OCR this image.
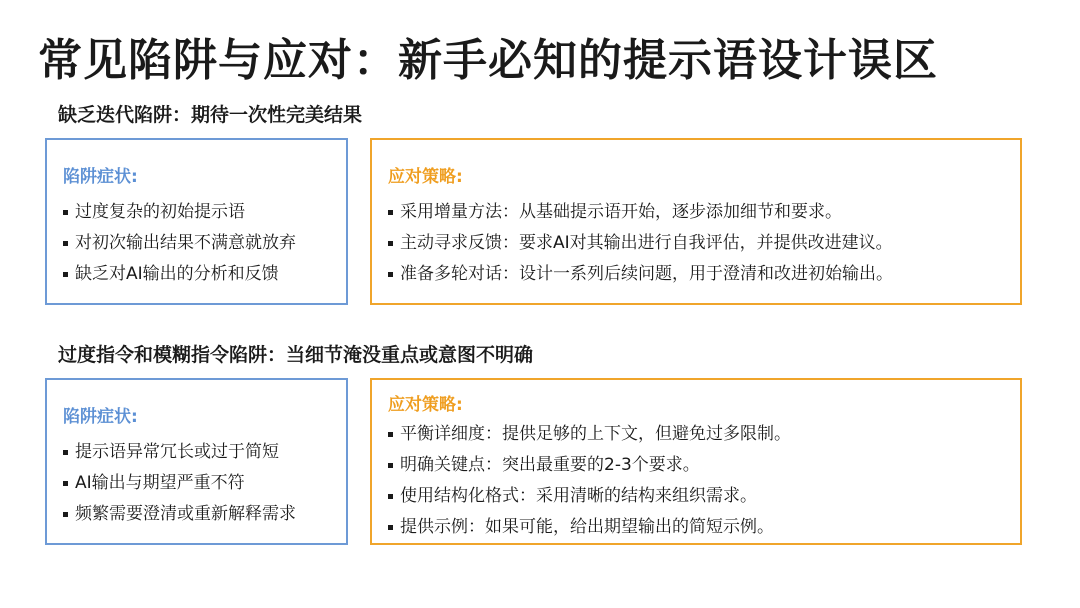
常见陷阱与应对：新手必知的提示语设计误区
缺乏迭代陷阱：期待一次性完美结果
陷阱症状:
过度复杂的初始提示语
对初次输出结果不满意就放弃
缺乏对AI输出的分析和反馈
应对策略:
采用增量方法：从基础提示语开始，逐步添加细节和要求。
主动寻求反馈：要求AI对其输出进行自我评估，并提供改进建议。
准备多轮对话：设计一系列后续问题，用于澄清和改进初始输出。
过度指令和模糊指令陷阱：当细节淹没重点或意图不明确
陷阱症状:
提示语异常冗长或过于简短
AI输出与期望严重不符
频繁需要澄清或重新解释需求
应对策略:
平衡详细度：提供足够的上下文，但避免过多限制。
明确关键点：突出最重要的2-3个要求。
使用结构化格式：采用清晰的结构来组织需求。
提供示例：如果可能，给出期望输出的简短示例。
